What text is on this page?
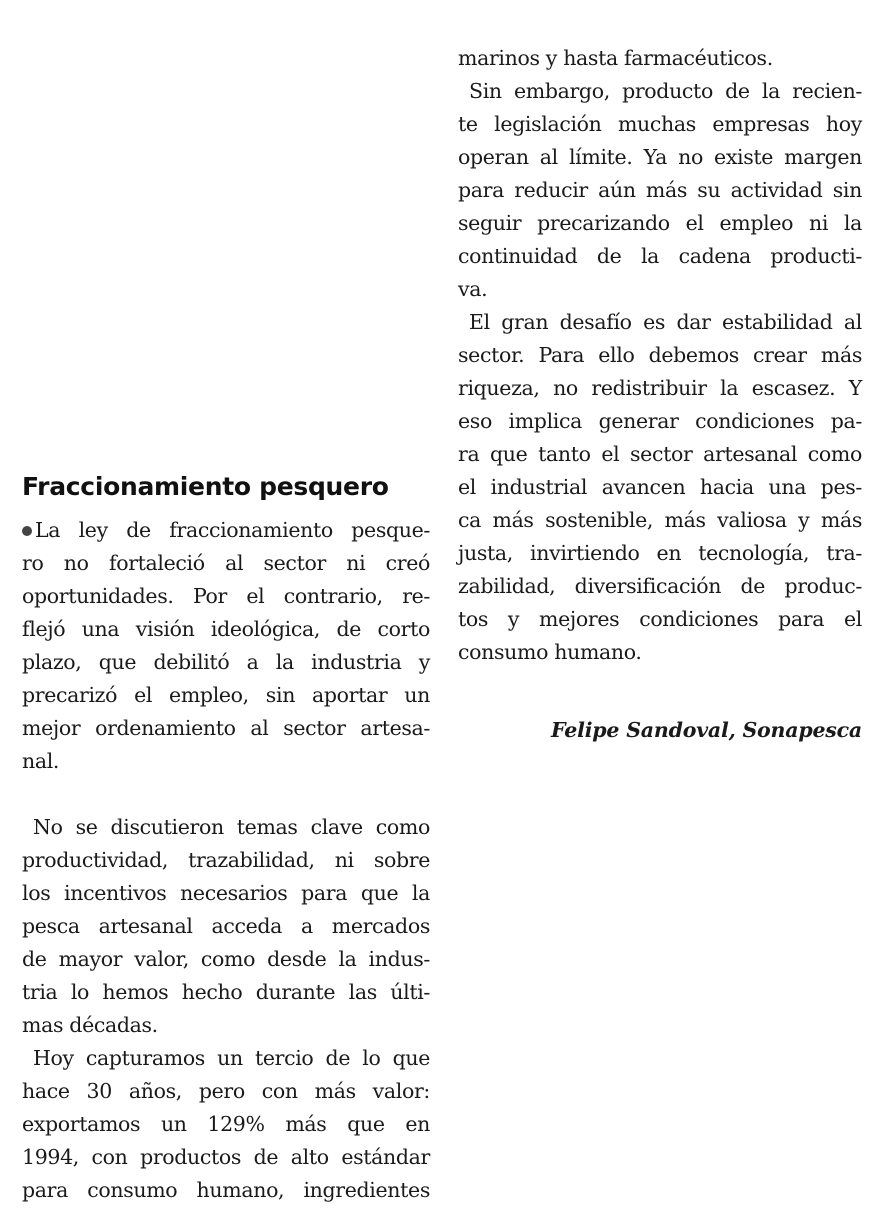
Fraccionamiento pesquero
La ley de fraccionamiento pesque-
ro no fortaleció al sector ni creó
oportunidades. Por el contrario, re-
flejó una visión ideológica, de corto
plazo, que debilitó a la industria y
precarizó el empleo, sin aportar un
mejor ordenamiento al sector artesa-
nal.
No se discutieron temas clave como
productividad, trazabilidad, ni sobre
los incentivos necesarios para que la
pesca artesanal acceda a mercados
de mayor valor, como desde la indus-
tria lo hemos hecho durante las últi-
mas décadas.
Hoy capturamos un tercio de lo que
hace 30 años, pero con más valor:
exportamos un 129% más que en
1994, con productos de alto estándar
para consumo humano, ingredientes
marinos y hasta farmacéuticos.
Sin embargo, producto de la recien-
te legislación muchas empresas hoy
operan al límite. Ya no existe margen
para reducir aún más su actividad sin
seguir precarizando el empleo ni la
continuidad de la cadena producti-
va.
El gran desafío es dar estabilidad al
sector. Para ello debemos crear más
riqueza, no redistribuir la escasez. Y
eso implica generar condiciones pa-
ra que tanto el sector artesanal como
el industrial avancen hacia una pes-
ca más sostenible, más valiosa y más
justa, invirtiendo en tecnología, tra-
zabilidad, diversificación de produc-
tos y mejores condiciones para el
consumo humano.
Felipe Sandoval, Sonapesca
